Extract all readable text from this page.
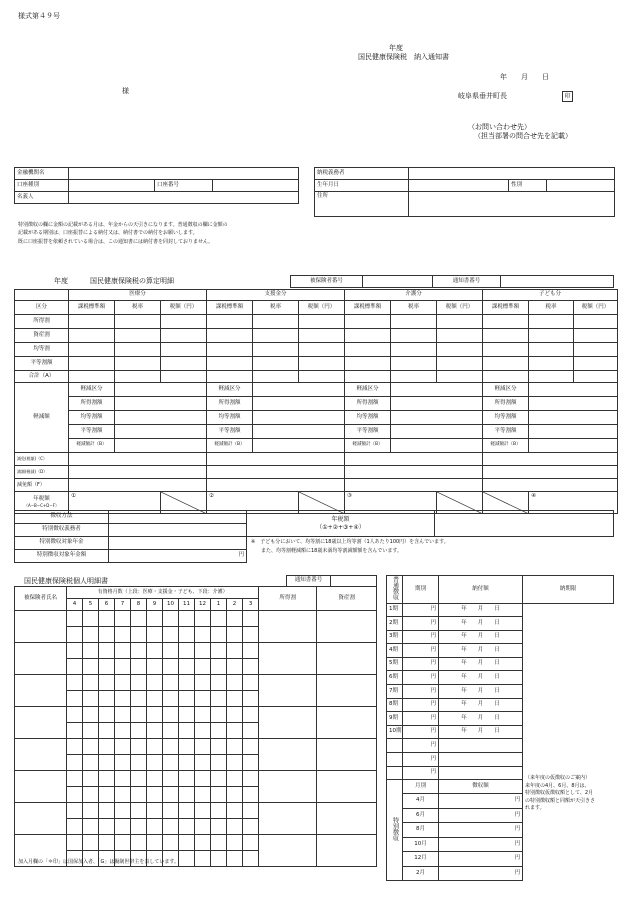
様式第４９号
年度
国民健康保険税　納入通知書
年　　月　　日
様
岐阜県垂井町長	印
（お問い合わせ先）
（担当部署の問合せ先を記載）
金融機関名			
口座種別		口座番号	
名義人			
納税義務者			
生年月日		性別	
住所			
特別徴収の欄に金額の記載がある月は、年金からの天引きになります。普通徴収の欄に金額の
記載がある期別は、口座振替による納付又は、納付書での納付をお願いします。
既に口座振替を依頼されている場合は、この通知書には納付書を同封しておりません。
年度	国民健康保険税の算定明細	被保険者番号		通知書番号	
	医療分			支援金分			介護分			子ども分		
区分	課税標準額	税率	税額（円）	課税標準額	税率	税額（円）	課税標準額	税率	税額（円）	課税標準額	税率	税額（円）
所得割												
資産割												
均等割												
平等割額												
合計（A）												
軽減額	軽減区分			軽減区分			軽減区分			軽減区分		
	所得割額			所得割額			所得割額			所得割額		
	均等割額			均等割額			均等割額			均等割額		
	平等割額			平等割額			平等割額			平等割額		
	軽減額計（B）			軽減額計（B）			軽減額計（B）			軽減額計（B）		
減免(税額)（C）												
減額(軽減)（D）												
減免額（F）												
年税額
（A−B−C+D−F）	①			②			③				④	
徴収方法	
特別徴収義務者	
特別徴収対象年金	
特別徴収対象年金額	円
年税額
（①+②+③+④）	
※　子ども分において、均等割に18歳以上均等割（1人あたり100円）を含んでいます。
　　また、均等割軽減額に18歳未満均等割減額額を含んでいます。
国民健康保険税個人明細書	通知書番号	
被保険者氏名	有資格月数（上段：医療・支援金・子ども、下段：介護）												所得割	資産割
	4	5	6	7	8	9	10	11	12	1	2	3		

加入月欄の「＊印」は国保加入者、「G」は擬制世帯主を表しています。
普通徴収	期別	納付額	納期限
1期	円	年　　月　　日	
2期	円	年　　月　　日	
3期	円	年　　月　　日	
4期	円	年　　月　　日	
5期	円	年　　月　　日	
6期	円	年　　月　　日	
7期	円	年　　月　　日	
8期	円	年　　月　　日	
9期	円	年　　月　　日	
10期	円	年　　月　　日	
	円		
	円		
	円		
特別徴収	月別	徴収額	
	4月	円	
	6月	円	
	8月	円	
	10月	円	
	12月	円	
	2月	円	
（来年度の仮徴収のご案内）
来年度の4月、6月、8月は、
特別徴収仮徴収額として、2月
の特別徴収額と同額が天引きさ
れます。
